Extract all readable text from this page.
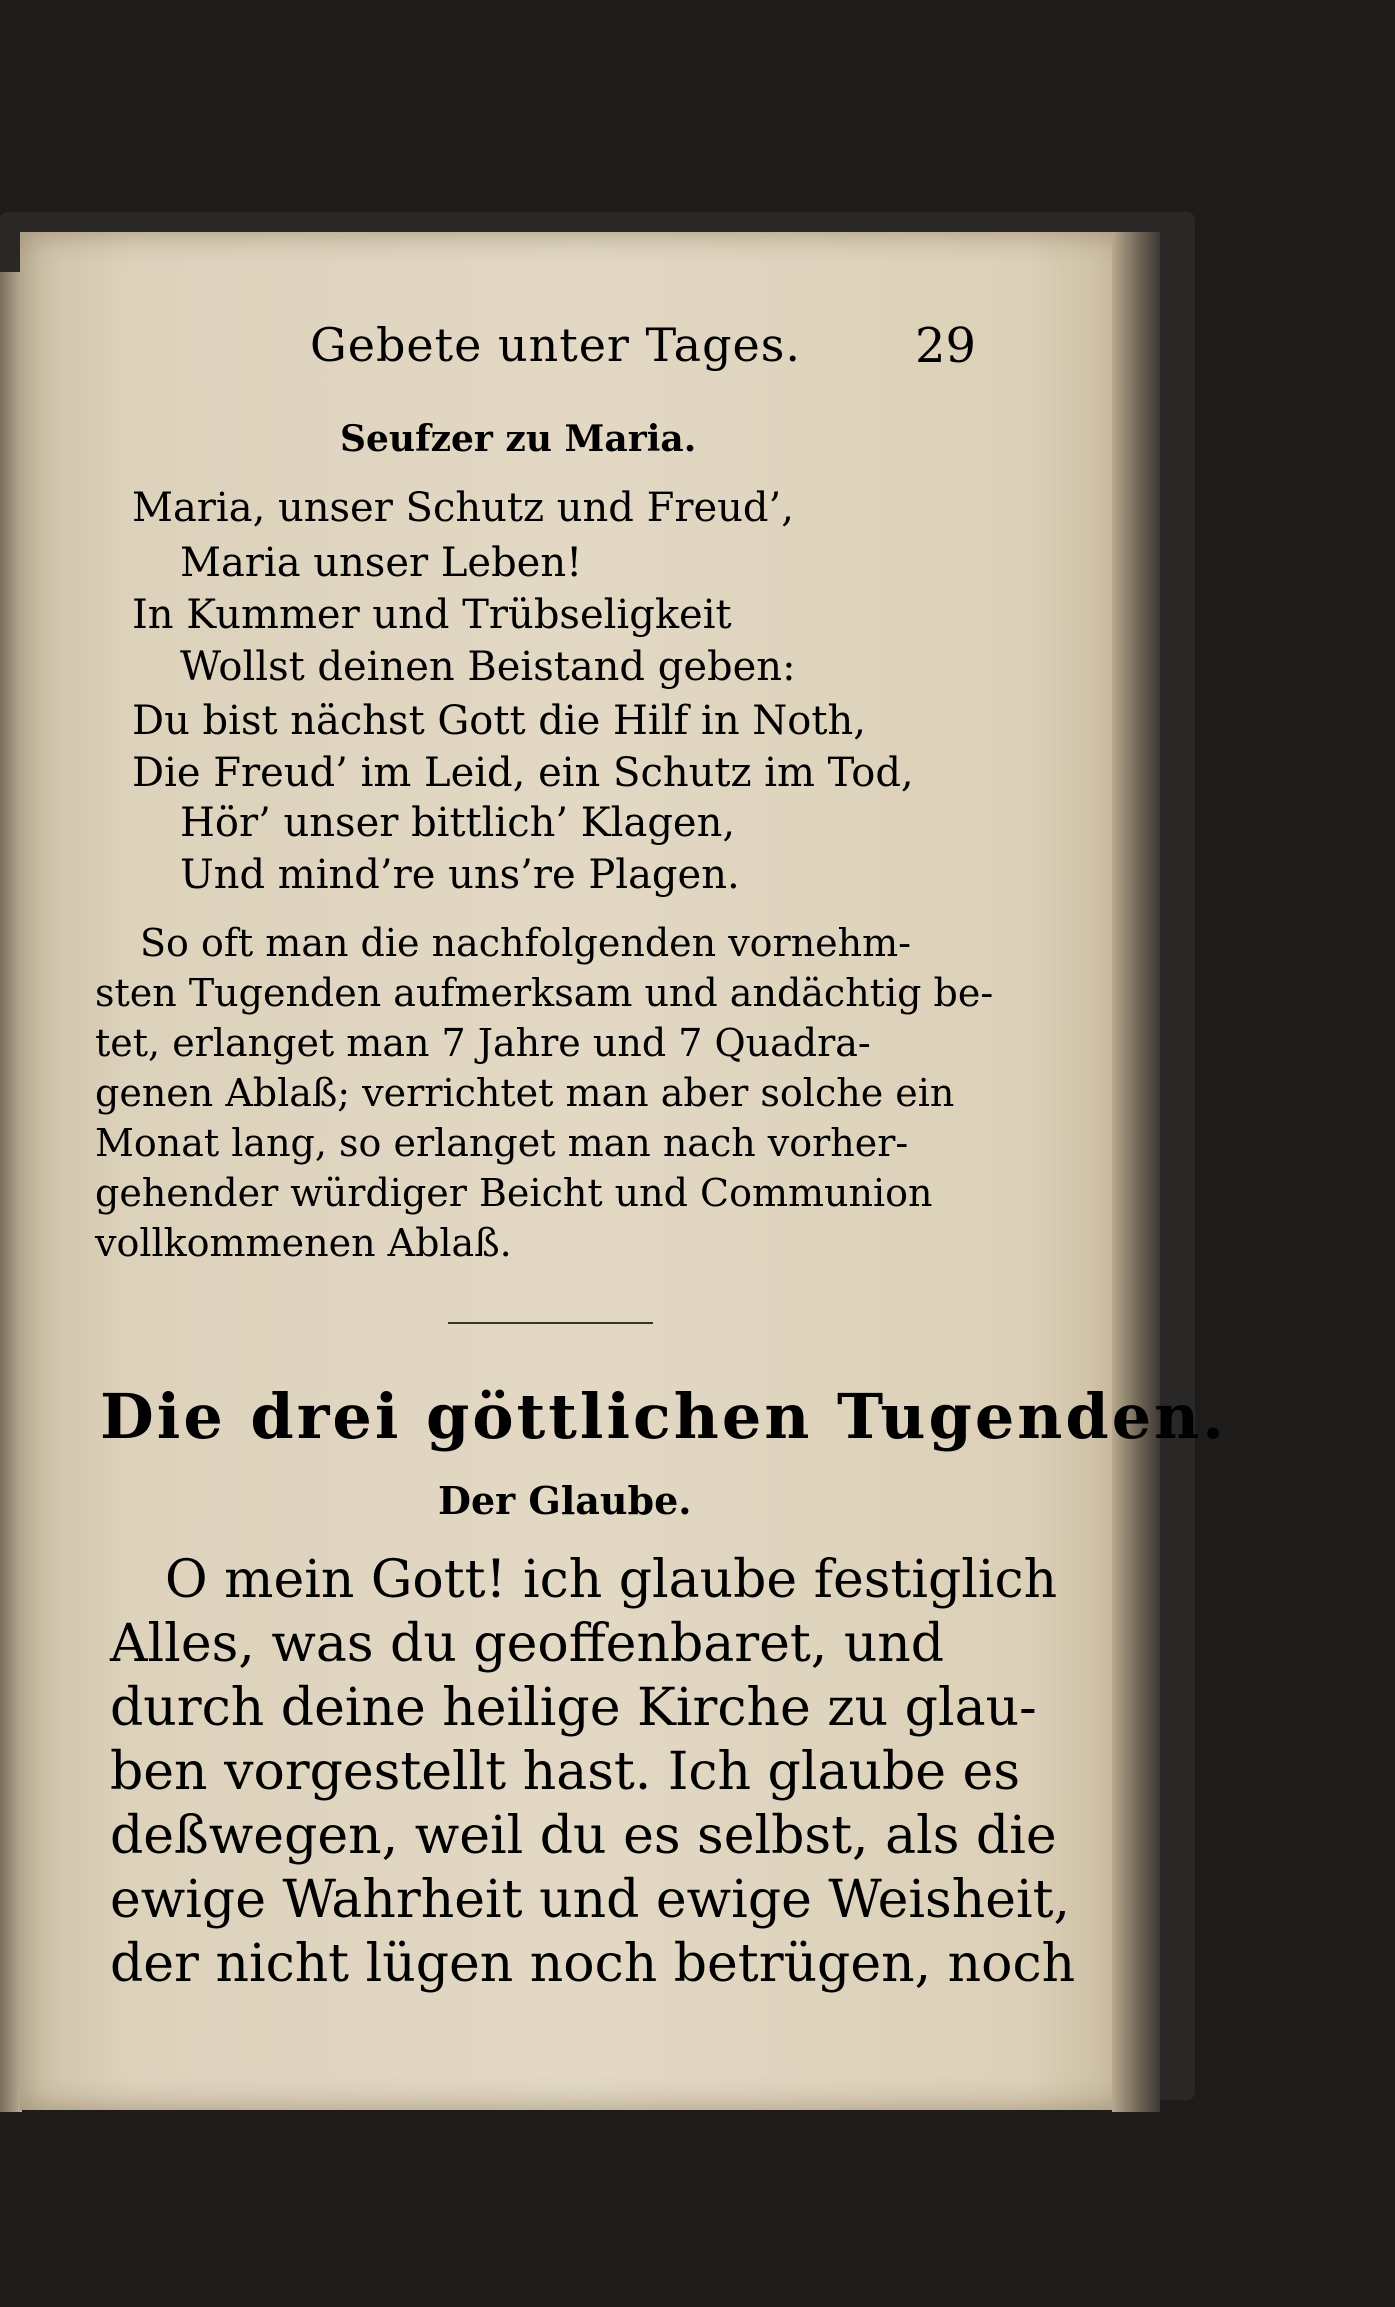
Gebete unter Tages. 29
Seufzer zu Maria.
Maria, unser Schutz und Freud’,
Maria unser Leben!
In Kummer und Trübseligkeit
Wollst deinen Beistand geben:
Du bist nächst Gott die Hilf in Noth,
Die Freud’ im Leid, ein Schutz im Tod,
Hör’ unser bittlich’ Klagen,
Und mind’re uns’re Plagen.
So oft man die nachfolgenden vornehm-
sten Tugenden aufmerksam und andächtig be-
tet, erlanget man 7 Jahre und 7 Quadra-
genen Ablaß; verrichtet man aber solche ein
Monat lang, so erlanget man nach vorher-
gehender würdiger Beicht und Communion
vollkommenen Ablaß.
Die drei göttlichen Tugenden.
Der Glaube.
O mein Gott! ich glaube festiglich
Alles, was du geoffenbaret, und
durch deine heilige Kirche zu glau-
ben vorgestellt hast. Ich glaube es
deßwegen, weil du es selbst, als die
ewige Wahrheit und ewige Weisheit,
der nicht lügen noch betrügen, noch
